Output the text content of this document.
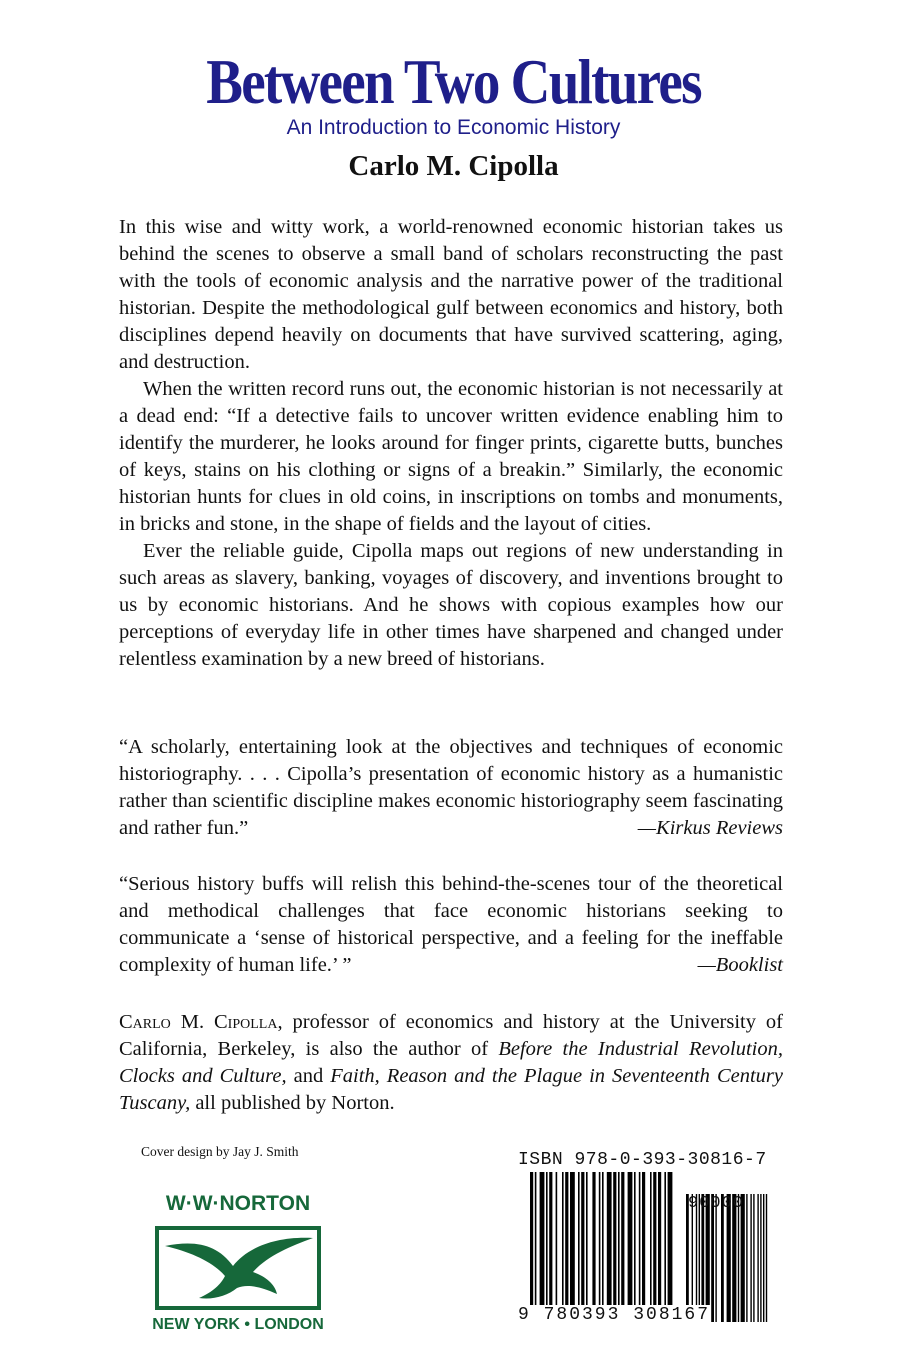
Between Two Cultures
An Introduction to Economic History
Carlo M. Cipolla

In this wise and witty work, a world-renowned economic historian takes us behind the scenes to observe a small band of scholars reconstructing the past with the tools of economic analysis and the narrative power of the traditional historian. Despite the methodological gulf between economics and history, both disciplines depend heavily on documents that have survived scattering, aging, and destruction.

When the written record runs out, the economic historian is not necessarily at a dead end: “If a detective fails to uncover written evidence enabling him to identify the murderer, he looks around for finger prints, cigarette butts, bunches of keys, stains on his clothing or signs of a breakin.” Similarly, the economic historian hunts for clues in old coins, in inscriptions on tombs and monuments, in bricks and stone, in the shape of fields and the layout of cities.

Ever the reliable guide, Cipolla maps out regions of new understanding in such areas as slavery, banking, voyages of discovery, and inventions brought to us by economic historians. And he shows with copious examples how our perceptions of everyday life in other times have sharpened and changed under relentless examination by a new breed of historians.

“A scholarly, entertaining look at the objectives and techniques of economic historiography. . . . Cipolla’s presentation of economic history as a humanistic rather than scientific discipline makes economic historiography seem fascinating and rather fun.”	—Kirkus Reviews

“Serious history buffs will relish this behind-the-scenes tour of the theoretical and methodical challenges that face economic historians seeking to communicate a ‘sense of historical perspective, and a feeling for the ineffable complexity of human life.’ ”	—Booklist

Carlo M. Cipolla, professor of economics and history at the University of California, Berkeley, is also the author of Before the Industrial Revolution, Clocks and Culture, and Faith, Reason and the Plague in Seventeenth Century Tuscany, all published by Norton.

Cover design by Jay J. Smith
W·W·NORTON
NEW YORK • LONDON
ISBN 978-0-393-30816-7
90000
9 780393 308167
